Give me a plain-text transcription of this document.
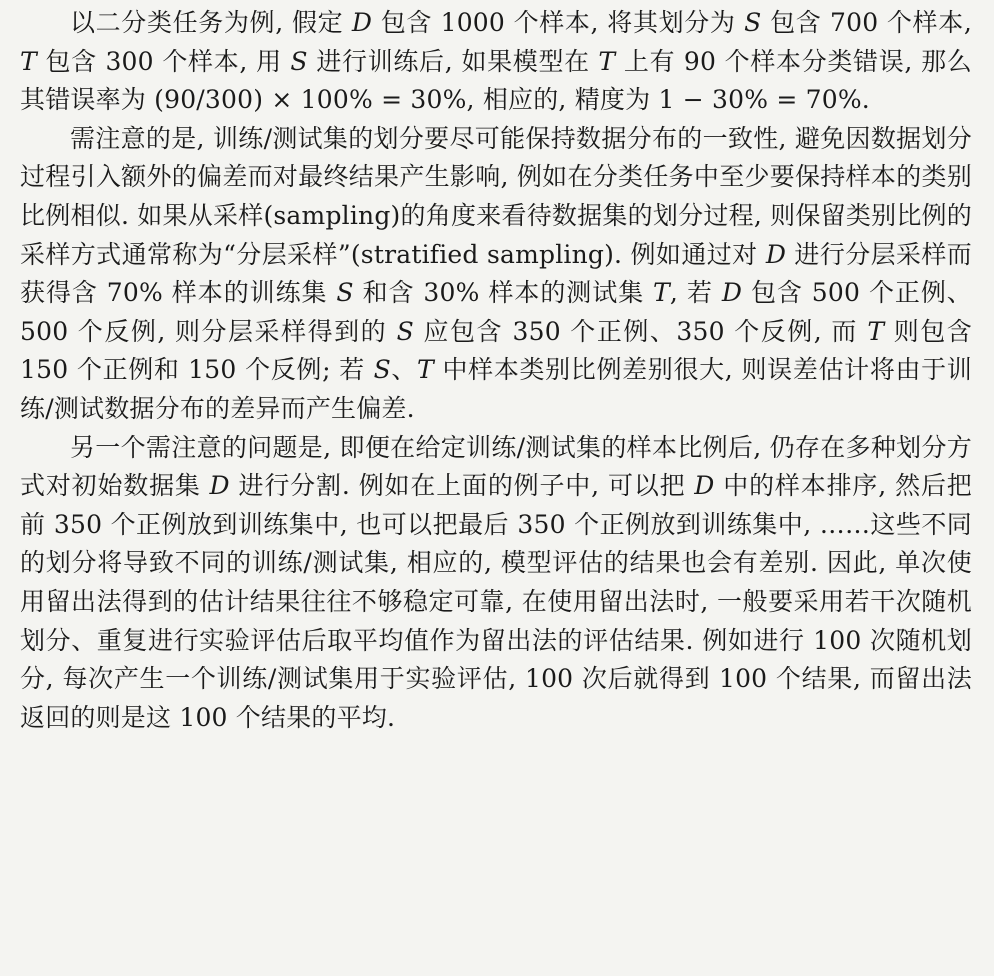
以二分类任务为例, 假定 D 包含 1000 个样本, 将其划分为 S 包含 700 个样本, T 包含 300 个样本, 用 S 进行训练后, 如果模型在 T 上有 90 个样本分类错误, 那么其错误率为 (90/300) × 100% = 30%, 相应的, 精度为 1 − 30% = 70%.

需注意的是, 训练/测试集的划分要尽可能保持数据分布的一致性, 避免因数据划分过程引入额外的偏差而对最终结果产生影响, 例如在分类任务中至少要保持样本的类别比例相似. 如果从采样(sampling)的角度来看待数据集的划分过程, 则保留类别比例的采样方式通常称为“分层采样”(stratified sampling). 例如通过对 D 进行分层采样而获得含 70% 样本的训练集 S 和含 30% 样本的测试集 T, 若 D 包含 500 个正例、500 个反例, 则分层采样得到的 S 应包含 350 个正例、350 个反例, 而 T 则包含 150 个正例和 150 个反例; 若 S、T 中样本类别比例差别很大, 则误差估计将由于训练/测试数据分布的差异而产生偏差.

另一个需注意的问题是, 即便在给定训练/测试集的样本比例后, 仍存在多种划分方式对初始数据集 D 进行分割. 例如在上面的例子中, 可以把 D 中的样本排序, 然后把前 350 个正例放到训练集中, 也可以把最后 350 个正例放到训练集中, ……这些不同的划分将导致不同的训练/测试集, 相应的, 模型评估的结果也会有差别. 因此, 单次使用留出法得到的估计结果往往不够稳定可靠, 在使用留出法时, 一般要采用若干次随机划分、重复进行实验评估后取平均值作为留出法的评估结果. 例如进行 100 次随机划分, 每次产生一个训练/测试集用于实验评估, 100 次后就得到 100 个结果, 而留出法返回的则是这 100 个结果的平均.
